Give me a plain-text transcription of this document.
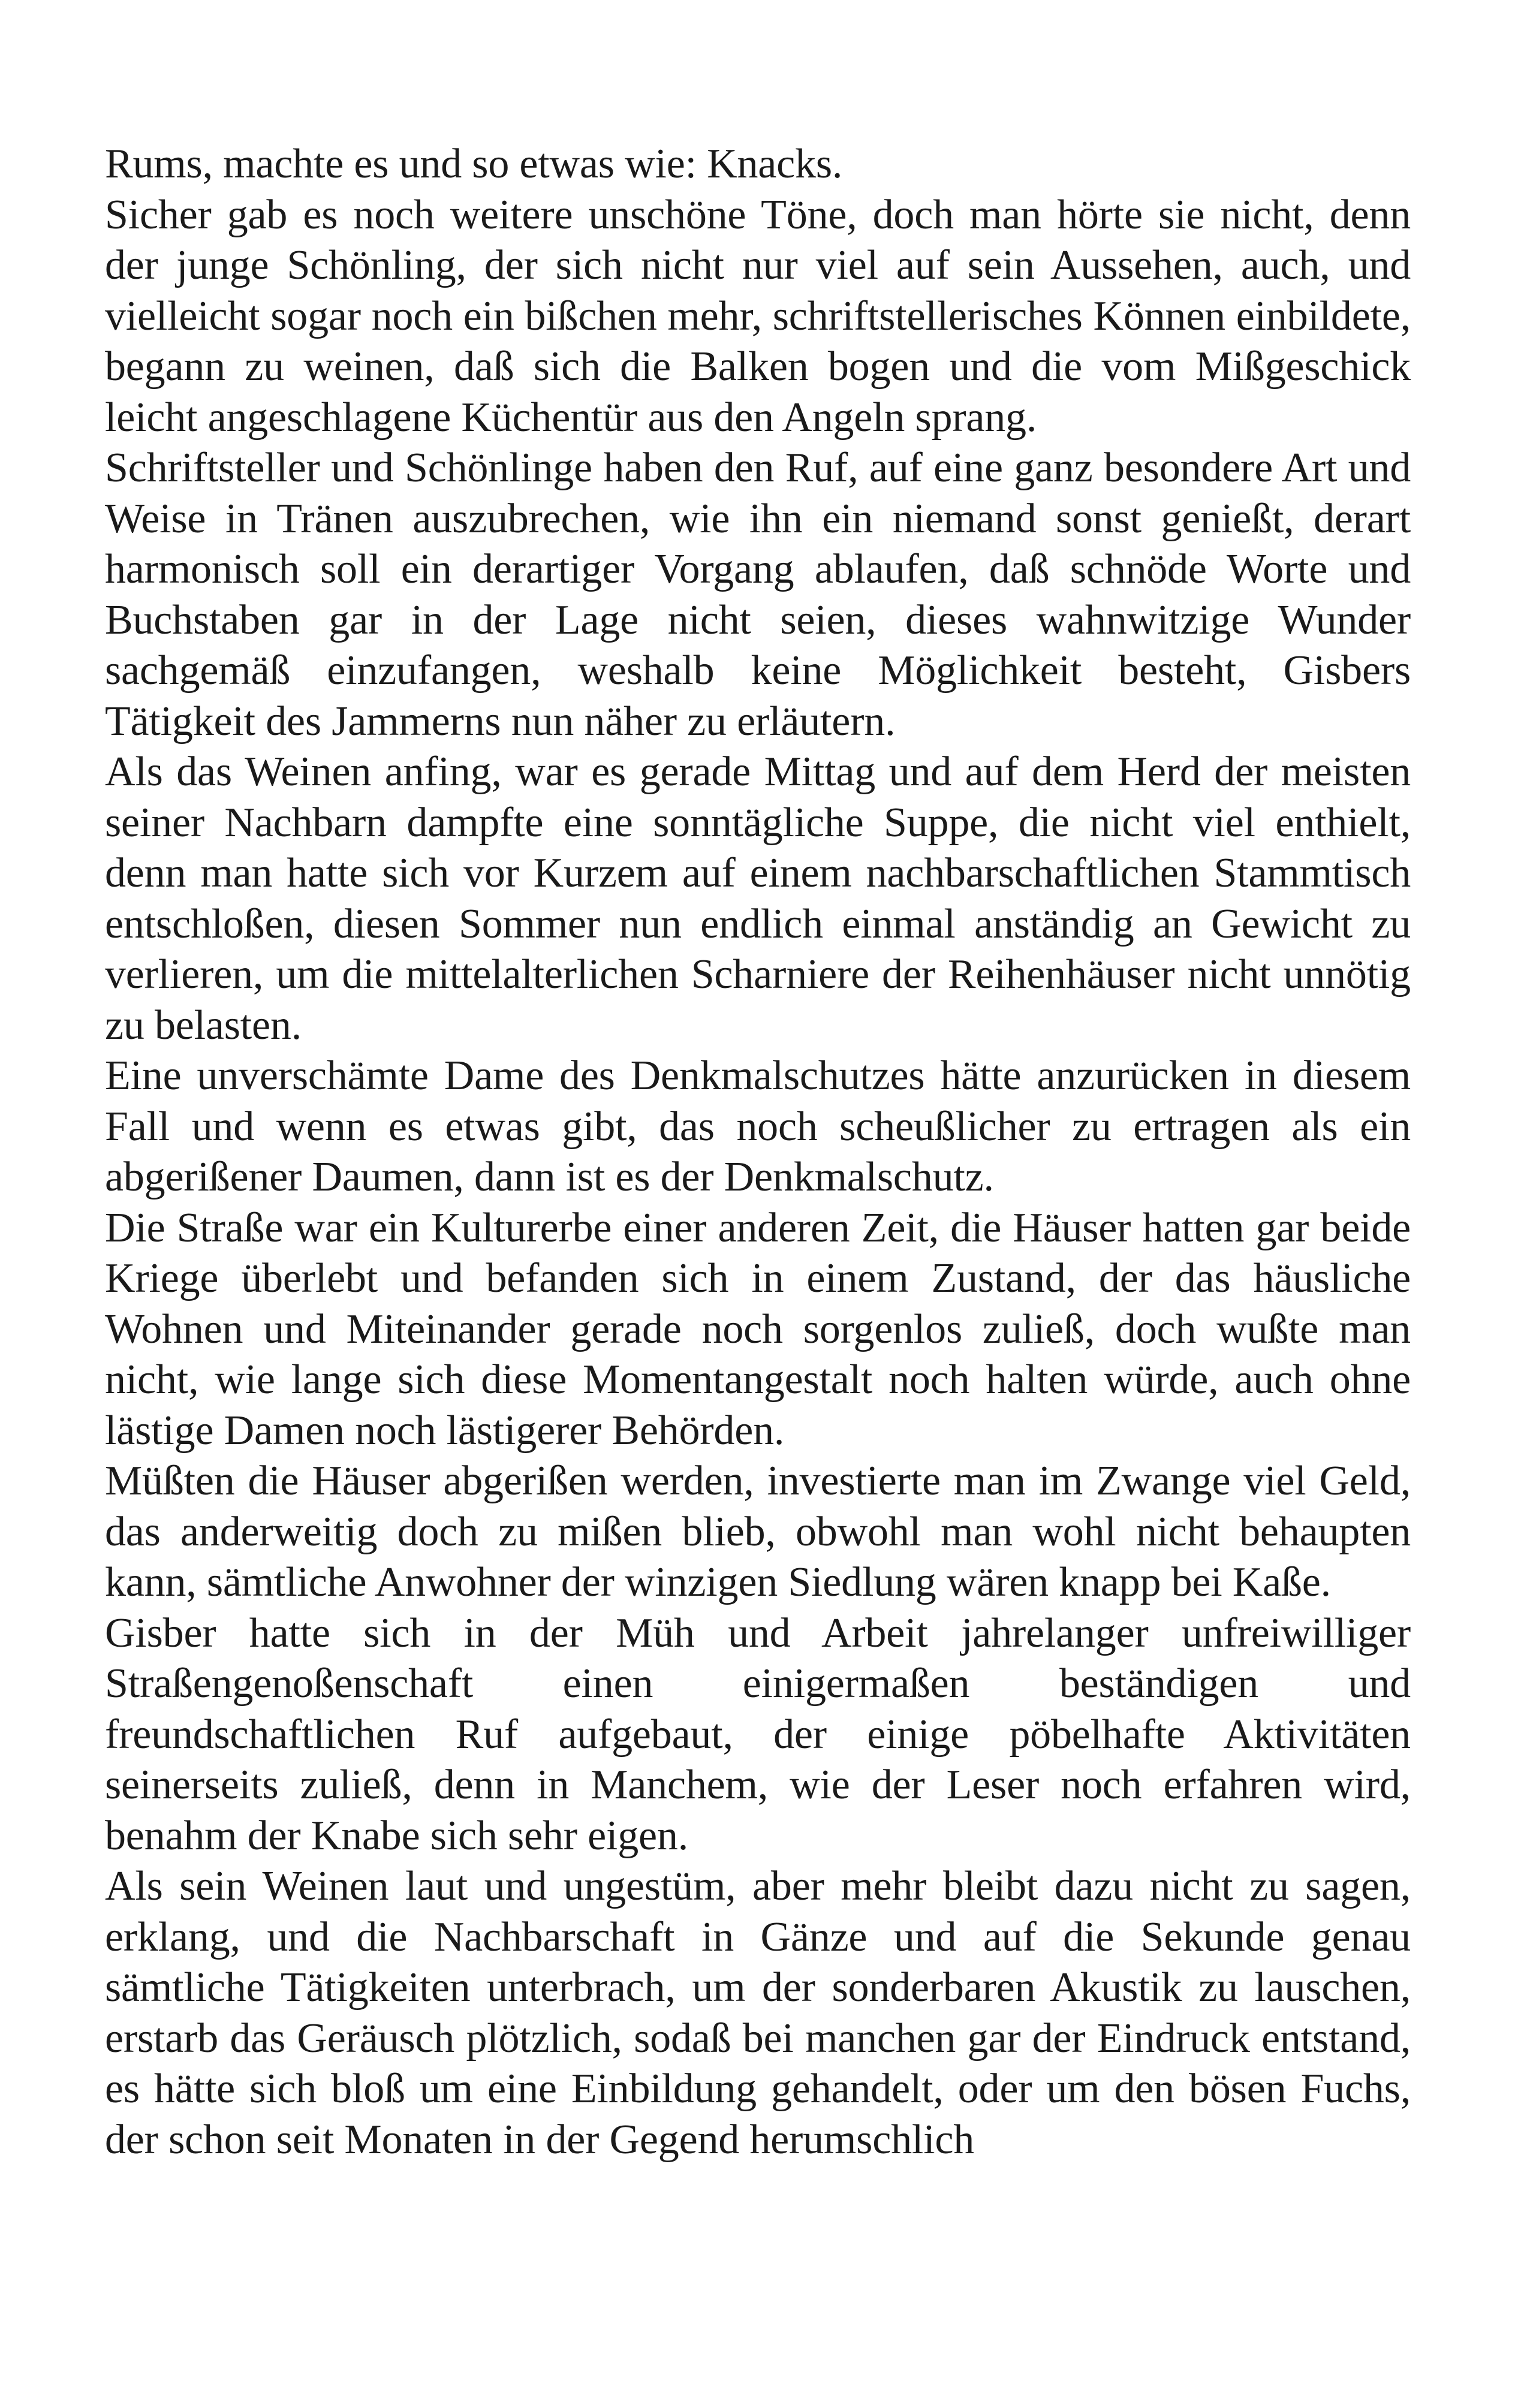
Rums, machte es und so etwas wie: Knacks.

Sicher gab es noch weitere unschöne Töne, doch man hörte sie nicht, denn der junge Schönling, der sich nicht nur viel auf sein Aussehen, auch, und vielleicht sogar noch ein bißchen mehr, schriftstellerisches Können einbildete, begann zu weinen, daß sich die Balken bogen und die vom Mißgeschick leicht angeschlagene Küchentür aus den Angeln sprang.

Schriftsteller und Schönlinge haben den Ruf, auf eine ganz besondere Art und Weise in Tränen auszubrechen, wie ihn ein niemand sonst genießt, derart harmonisch soll ein derartiger Vorgang ablaufen, daß schnöde Worte und Buchstaben gar in der Lage nicht seien, dieses wahnwitzige Wunder sachgemäß einzufangen, weshalb keine Möglichkeit besteht, Gisbers Tätigkeit des Jammerns nun näher zu erläutern.

Als das Weinen anfing, war es gerade Mittag und auf dem Herd der meisten seiner Nachbarn dampfte eine sonntägliche Suppe, die nicht viel enthielt, denn man hatte sich vor Kurzem auf einem nachbarschaftlichen Stammtisch entschloßen, diesen Sommer nun endlich einmal anständig an Gewicht zu verlieren, um die mittelalterlichen Scharniere der Reihenhäuser nicht unnötig zu belasten.

Eine unverschämte Dame des Denkmalschutzes hätte anzurücken in diesem Fall und wenn es etwas gibt, das noch scheußlicher zu ertragen als ein abgerißener Daumen, dann ist es der Denkmalschutz.

Die Straße war ein Kulturerbe einer anderen Zeit, die Häuser hatten gar beide Kriege überlebt und befanden sich in einem Zustand, der das häusliche Wohnen und Miteinander gerade noch sorgenlos zuließ, doch wußte man nicht, wie lange sich diese Momentangestalt noch halten würde, auch ohne lästige Damen noch lästigerer Behörden.

Müßten die Häuser abgerißen werden, investierte man im Zwange viel Geld, das anderweitig doch zu mißen blieb, obwohl man wohl nicht behaupten kann, sämtliche Anwohner der winzigen Siedlung wären knapp bei Kaße.

Gisber hatte sich in der Müh und Arbeit jahrelanger unfreiwilliger Straßengenoßenschaft einen einigermaßen beständigen und freundschaftlichen Ruf aufgebaut, der einige pöbelhafte Aktivitäten seinerseits zuließ, denn in Manchem, wie der Leser noch erfahren wird, benahm der Knabe sich sehr eigen.

Als sein Weinen laut und ungestüm, aber mehr bleibt dazu nicht zu sagen, erklang, und die Nachbarschaft in Gänze und auf die Sekunde genau sämtliche Tätigkeiten unterbrach, um der sonderbaren Akustik zu lauschen, erstarb das Geräusch plötzlich, sodaß bei manchen gar der Eindruck entstand, es hätte sich bloß um eine Einbildung gehandelt, oder um den bösen Fuchs, der schon seit Monaten in der Gegend herumschlich
